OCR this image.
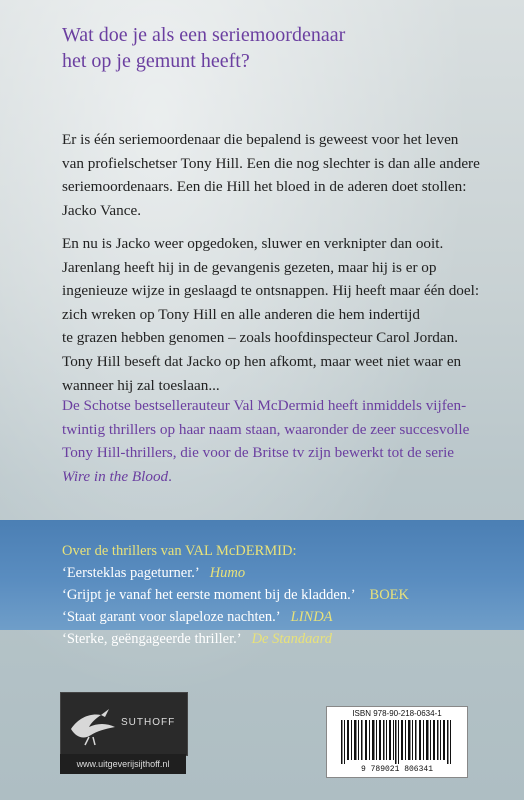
Wat doe je als een seriemoordenaar
het op je gemunt heeft?
Er is één seriemoordenaar die bepalend is geweest voor het leven
van profielschetser Tony Hill. Een die nog slechter is dan alle andere
seriemoordenaars. Een die Hill het bloed in de aderen doet stollen:
Jacko Vance.
En nu is Jacko weer opgedoken, sluwer en verknipter dan ooit.
Jarenlang heeft hij in de gevangenis gezeten, maar hij is er op
ingenieuze wijze in geslaagd te ontsnappen. Hij heeft maar één doel:
zich wreken op Tony Hill en alle anderen die hem indertijd
te grazen hebben genomen – zoals hoofdinspecteur Carol Jordan.
Tony Hill beseft dat Jacko op hen afkomt, maar weet niet waar en
wanneer hij zal toeslaan...
De Schotse bestsellerauteur Val McDermid heeft inmiddels vijfen-
twintig thrillers op haar naam staan, waaronder de zeer succesvolle
Tony Hill-thrillers, die voor de Britse tv zijn bewerkt tot de serie
Wire in the Blood.
Over de thrillers van VAL McDERMID:
‘Eersteklas pageturner.’ Humo
‘Grijpt je vanaf het eerste moment bij de kladden.’ BOEK
‘Staat garant voor slapeloze nachten.’ LINDA
‘Sterke, geëngageerde thriller.’ De Standaard
SUTHOFF
www.uitgeverijsijthoff.nl
ISBN 978-90-218-0634-1
9 789021 806341
